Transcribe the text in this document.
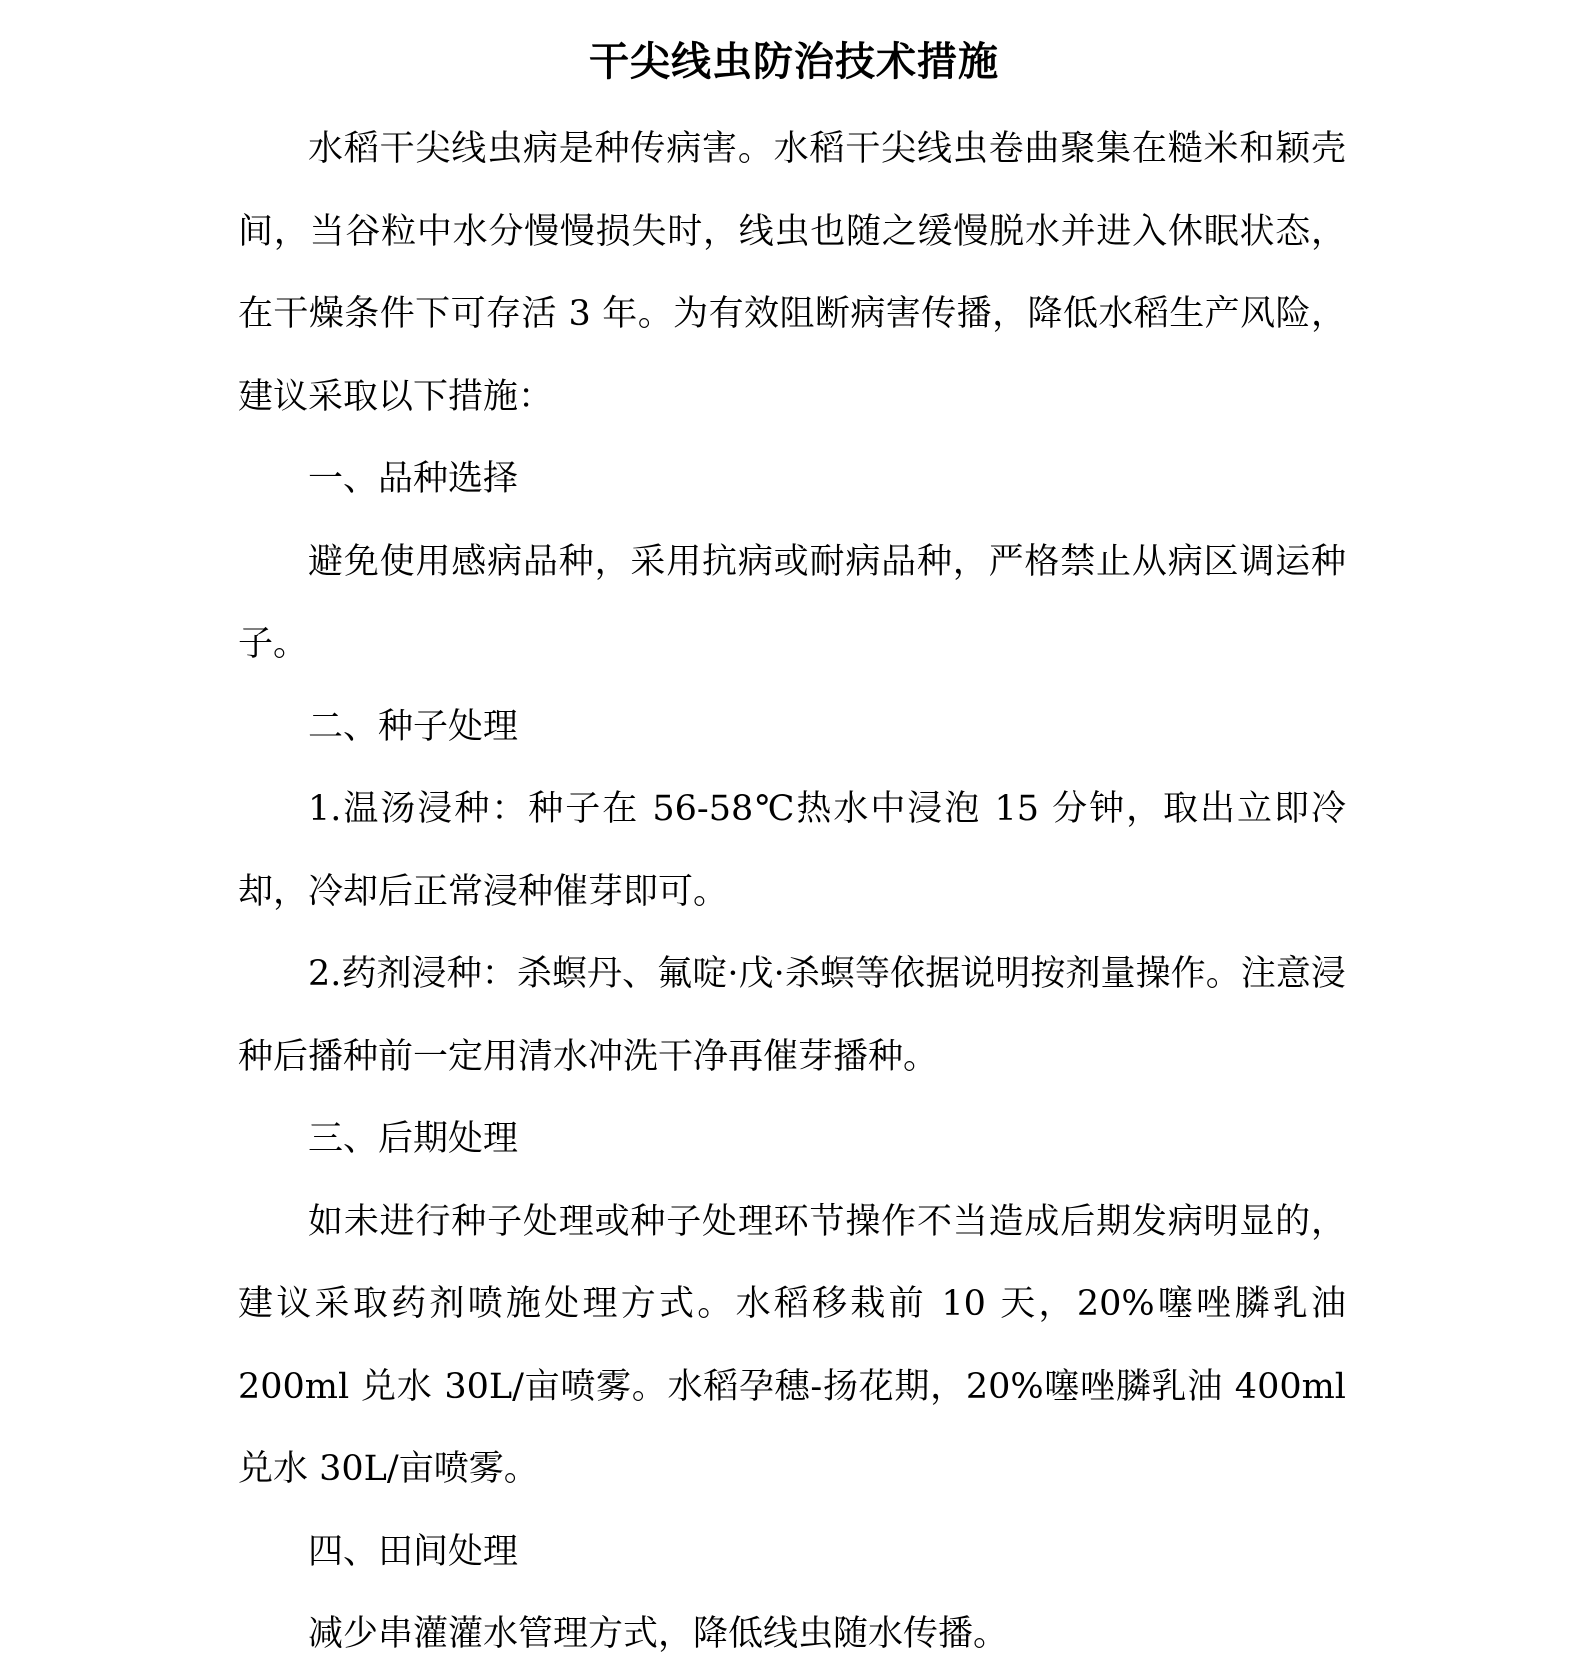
干尖线虫防治技术措施

水稻干尖线虫病是种传病害。水稻干尖线虫卷曲聚集在糙米和颖壳间，当谷粒中水分慢慢损失时，线虫也随之缓慢脱水并进入休眠状态，在干燥条件下可存活 3 年。为有效阻断病害传播，降低水稻生产风险，建议采取以下措施：

一、品种选择

避免使用感病品种，采用抗病或耐病品种，严格禁止从病区调运种子。

二、种子处理

1.温汤浸种：种子在 56-58℃热水中浸泡 15 分钟，取出立即冷却，冷却后正常浸种催芽即可。

2.药剂浸种：杀螟丹、氟啶·戊·杀螟等依据说明按剂量操作。注意浸种后播种前一定用清水冲洗干净再催芽播种。

三、后期处理

如未进行种子处理或种子处理环节操作不当造成后期发病明显的，建议采取药剂喷施处理方式。水稻移栽前 10 天，20%噻唑膦乳油 200ml 兑水 30L/亩喷雾。水稻孕穗-扬花期，20%噻唑膦乳油 400ml 兑水 30L/亩喷雾。

四、田间处理

减少串灌灌水管理方式，降低线虫随水传播。
